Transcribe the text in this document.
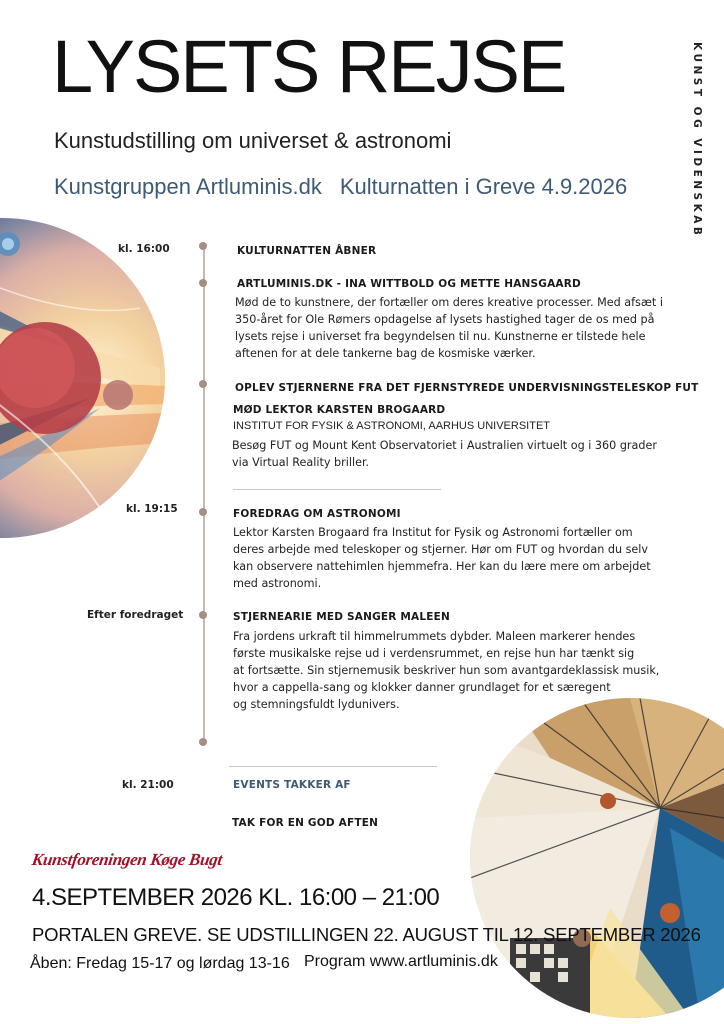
LYSETS REJSE
Kunstudstilling om universet & astronomi
Kunstgruppen Artluminis.dk Kulturnatten i Greve 4.9.2026	KUNST OG VIDENSKAB
kl. 16:00
kl. 19:15
Efter foredraget
kl. 21:00
KULTURNATTEN ÅBNER
ARTLUMINIS.DK - INA WITTBOLD OG METTE HANSGAARD
Mød de to kunstnere, der fortæller om deres kreative processer. Med afsæt i 350-året for Ole Rømers opdagelse af lysets hastighed tager de os med på lysets rejse i universet fra begyndelsen til nu. Kunstnerne er tilstede hele aftenen for at dele tankerne bag de kosmiske værker.
OPLEV STJERNERNE FRA DET FJERNSTYREDE UNDERVISNINGSTELESKOP FUT
MØD LEKTOR KARSTEN BROGAARD
INSTITUT FOR FYSIK & ASTRONOMI, AARHUS UNIVERSITET
Besøg FUT og Mount Kent Observatoriet i Australien virtuelt og i 360 grader via Virtual Reality briller.
FOREDRAG OM ASTRONOMI
Lektor Karsten Brogaard fra Institut for Fysik og Astronomi fortæller om deres arbejde med teleskoper og stjerner. Hør om FUT og hvordan du selv kan observere nattehimlen hjemmefra. Her kan du lære mere om arbejdet med astronomi.
STJERNEARIE MED SANGER MALEEN
Fra jordens urkraft til himmelrummets dybder. Maleen markerer hendes
første musikalske rejse ud i verdensrummet, en rejse hun har tænkt sig
at fortsætte. Sin stjernemusik beskriver hun som avantgardeklassisk musik,
hvor a cappella-sang og klokker danner grundlaget for et særegent
og stemningsfuldt lydunivers.
EVENTS TAKKER AF
TAK FOR EN GOD AFTEN
Kunstforeningen Køge Bugt
4.SEPTEMBER 2026 KL. 16:00 – 21:00
PORTALEN GREVE. SE UDSTILLINGEN 22. AUGUST TIL 12. SEPTEMBER 2026
Åben: Fredag 15-17 og lørdag 13-16 Program www.artluminis.dk
